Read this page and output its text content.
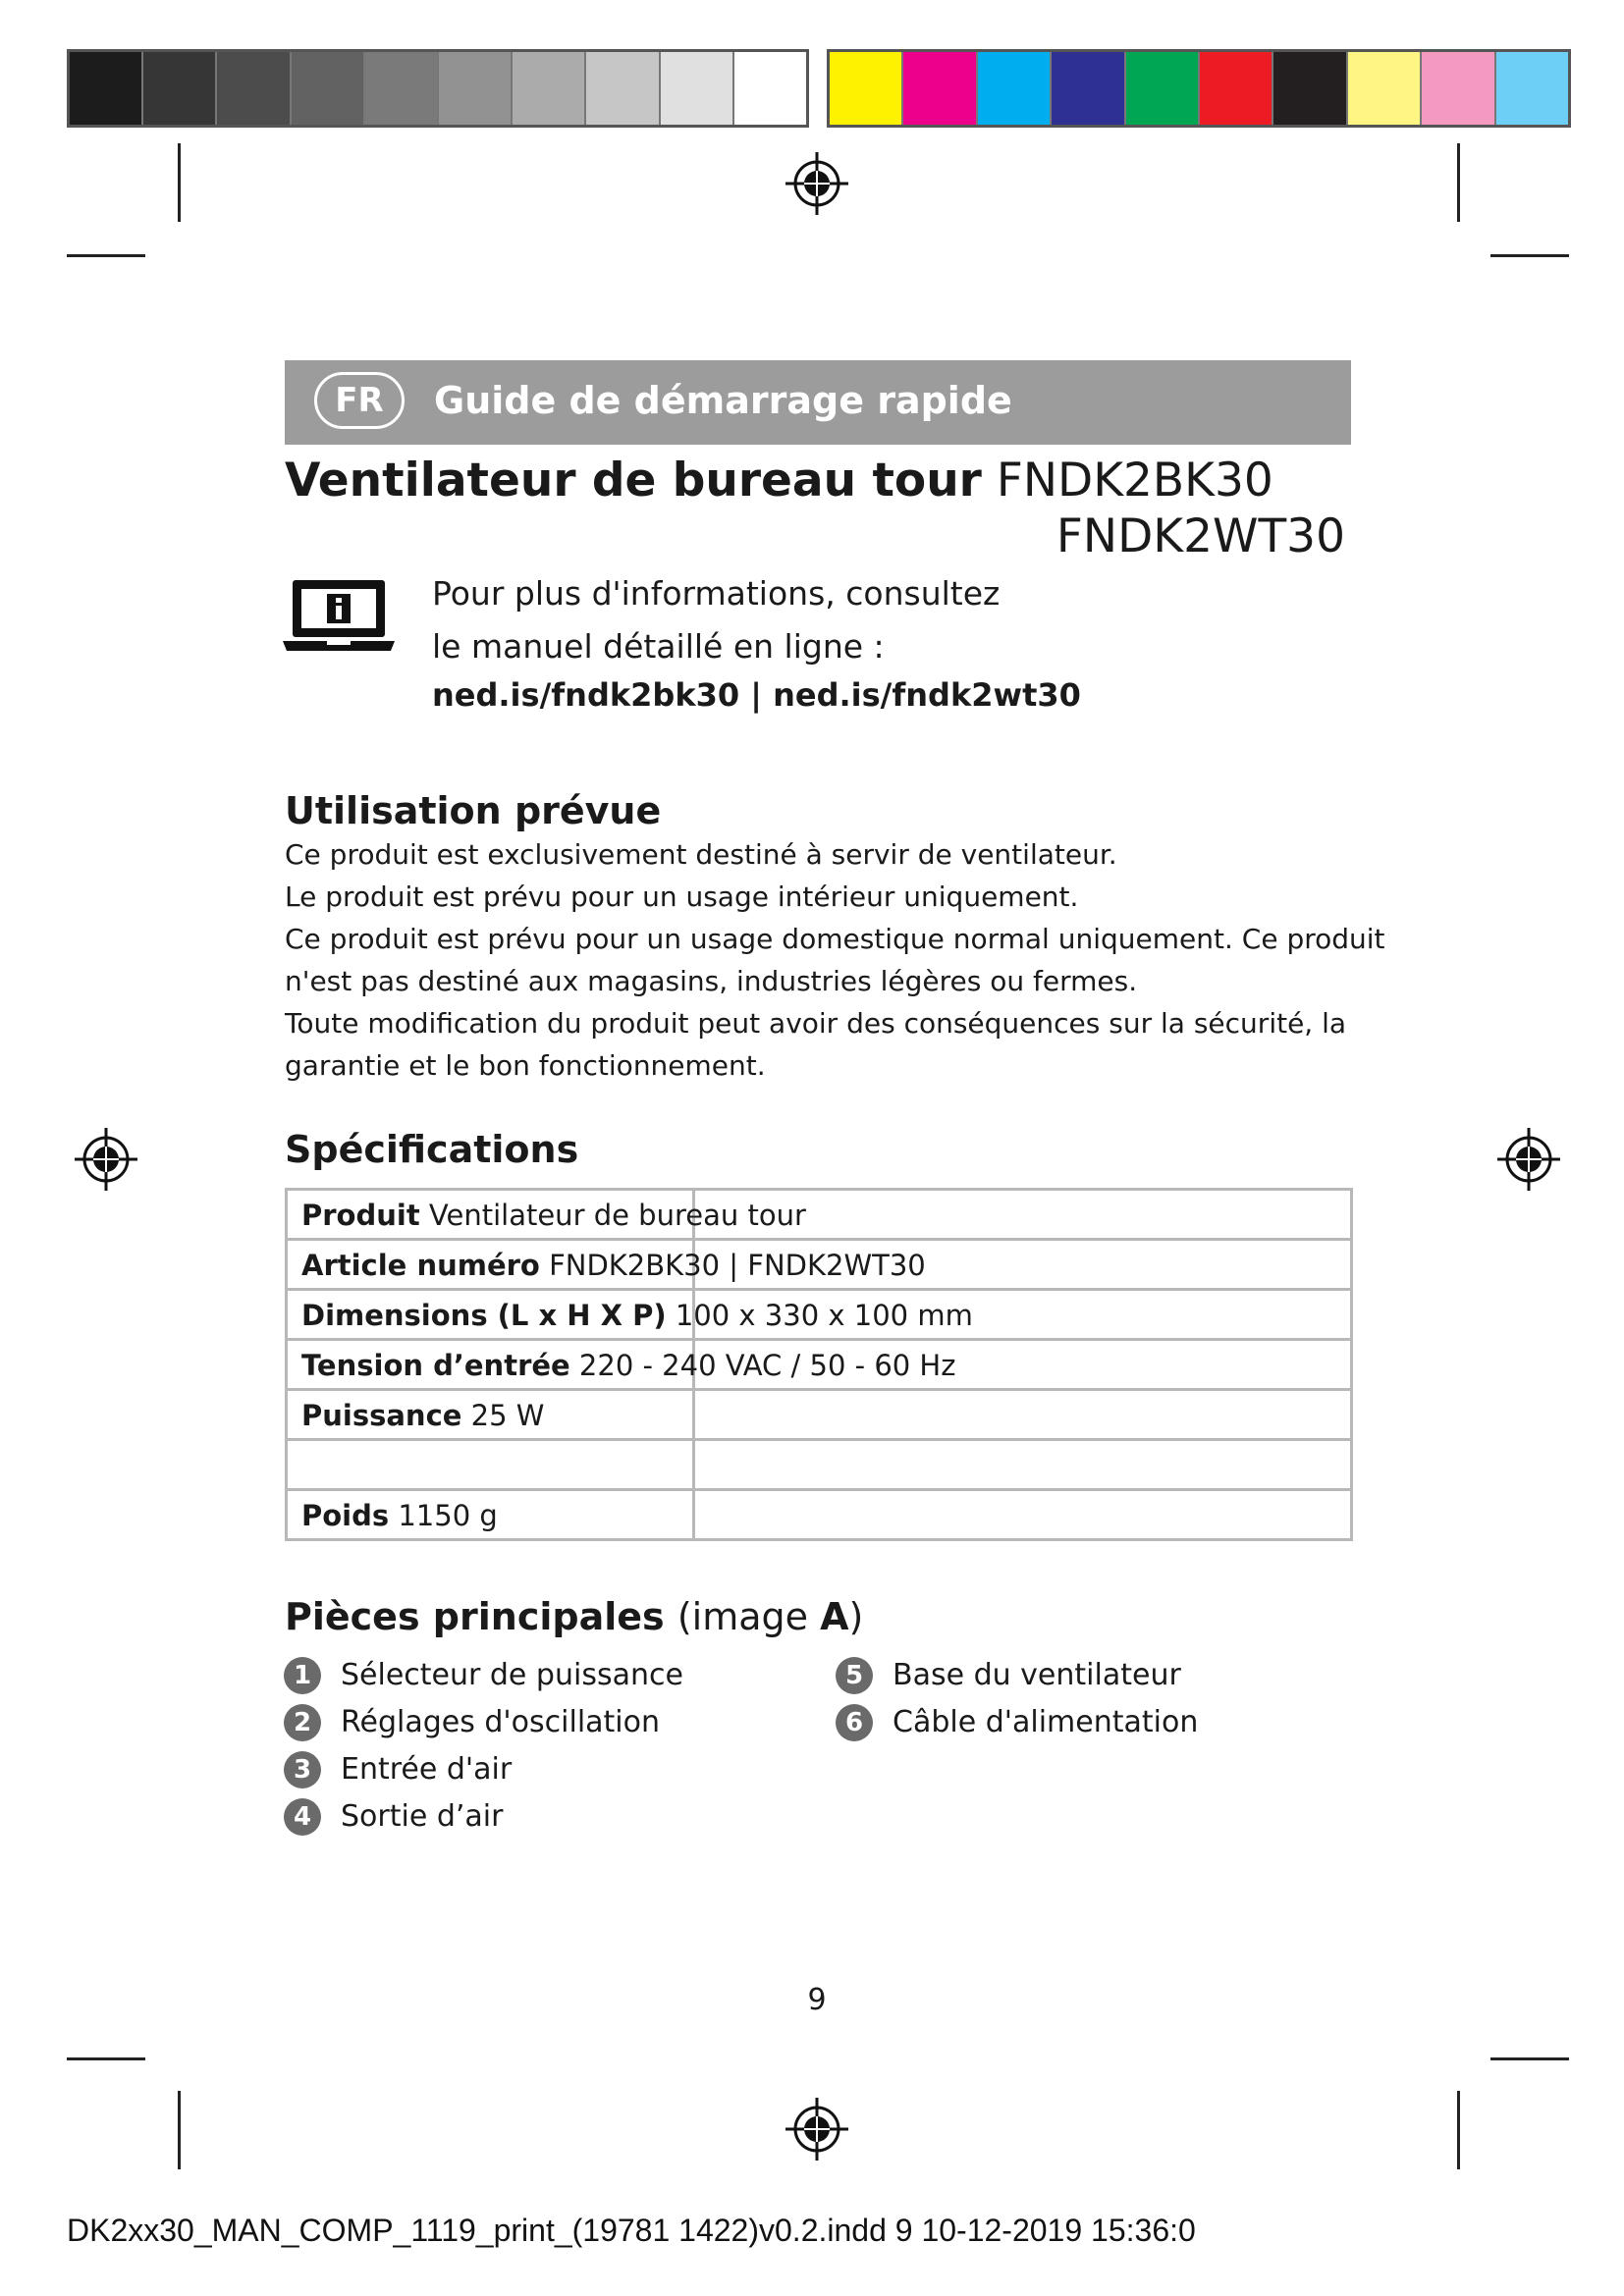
FR	Guide de démarrage rapide
Ventilateur de bureau tour FNDK2BK30
FNDK2WT30
Pour plus d'informations, consultez
le manuel détaillé en ligne :
ned.is/fndk2bk30 | ned.is/fndk2wt30
Utilisation prévue
Ce produit est exclusivement destiné à servir de ventilateur.
Le produit est prévu pour un usage intérieur uniquement.
Ce produit est prévu pour un usage domestique normal uniquement. Ce produit
n'est pas destiné aux magasins, industries légères ou fermes.
Toute modification du produit peut avoir des conséquences sur la sécurité, la
garantie et le bon fonctionnement.
Spécifications
Produit Ventilateur de bureau tour	

Article numéro FNDK2BK30 | FNDK2WT30	

Dimensions (L x H X P) 100 x 330 x 100 mm	

Tension d’entrée 220 - 240 VAC / 50 - 60 Hz	

Puissance 25 W	

Poids 1150 g	

Pièces principales (image A)
1 Sélecteur de puissance
2 Réglages d'oscillation
3 Entrée d'air
4 Sortie d’air
5 Base du ventilateur
6 Câble d'alimentation
9
DK2xx30_MAN_COMP_1119_print_(19781 1422)v0.2.indd 9 10-12-2019 15:36:0
